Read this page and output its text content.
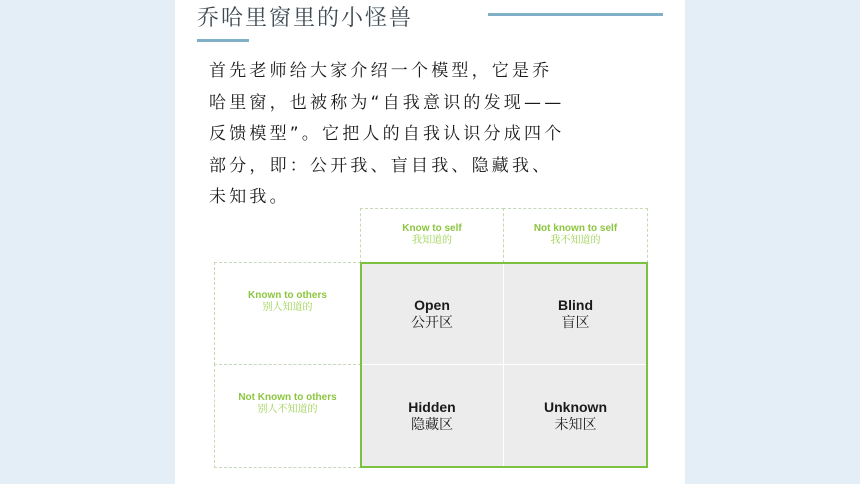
乔哈里窗里的小怪兽
首先老师给大家介绍一个模型，它是乔
哈里窗，也被称为“自我意识的发现——
反馈模型”。它把人的自我认识分成四个
部分，即：公开我、盲目我、隐藏我、
未知我。
Know to self
我知道的
Not known to self
我不知道的
Known to others
别人知道的
Not Known to others
别人不知道的
Open
公开区
Blind
盲区
Hidden
隐藏区
Unknown
未知区
